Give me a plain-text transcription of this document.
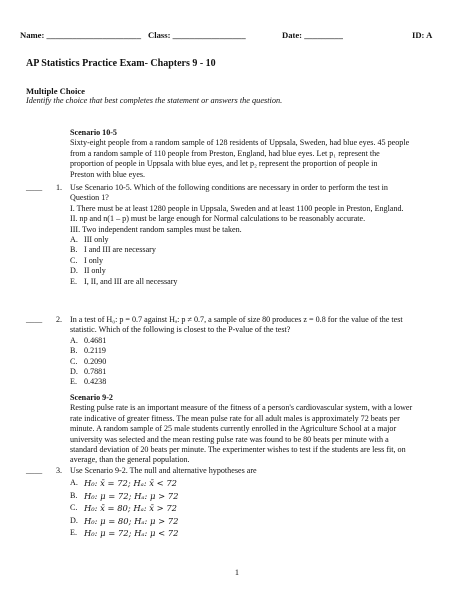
Name: ______________________ Class: _________________	Date: _________	ID: A
AP Statistics Practice Exam- Chapters 9 - 10
Multiple Choice
Identify the choice that best completes the statement or answers the question.
Scenario 10-5
Sixty-eight people from a random sample of 128 residents of Uppsala, Sweden, had blue eyes. 45 people
from a random sample of 110 people from Preston, England, had blue eyes. Let p₁ represent the
proportion of people in Uppsala with blue eyes, and let p₂ represent the proportion of people in
Preston with blue eyes.
____ 1. Use Scenario 10-5. Which of the following conditions are necessary in order to perform the test in
Question 1?
I. There must be at least 1280 people in Uppsala, Sweden and at least 1100 people in Preston, England.
II. np and n(1 – p) must be large enough for Normal calculations to be reasonably accurate.
III. Two independent random samples must be taken.
A. III only
B. I and III are necessary
C. I only
D. II only
E. I, II, and III are all necessary
____ 2. In a test of H₀: p = 0.7 against Hₐ: p ≠ 0.7, a sample of size 80 produces z = 0.8 for the value of the test
statistic. Which of the following is closest to the P-value of the test?
A. 0.4681
B. 0.2119
C. 0.2090
D. 0.7881
E. 0.4238
Scenario 9-2
Resting pulse rate is an important measure of the fitness of a person's cardiovascular system, with a lower
rate indicative of greater fitness. The mean pulse rate for all adult males is approximately 72 beats per
minute. A random sample of 25 male students currently enrolled in the Agriculture School at a major
university was selected and the mean resting pulse rate was found to be 80 beats per minute with a
standard deviation of 20 beats per minute. The experimenter wishes to test if the students are less fit, on
average, than the general population.
____ 3. Use Scenario 9-2. The null and alternative hypotheses are
A. H₀: x̄ = 72; Hₐ: x̄ < 72
B. H₀: μ = 72; Hₐ: μ > 72
C. H₀: x̄ = 80; Hₐ: x̄ > 72
D. H₀: μ = 80; Hₐ: μ > 72
E. H₀: μ = 72; Hₐ: μ < 72
1
